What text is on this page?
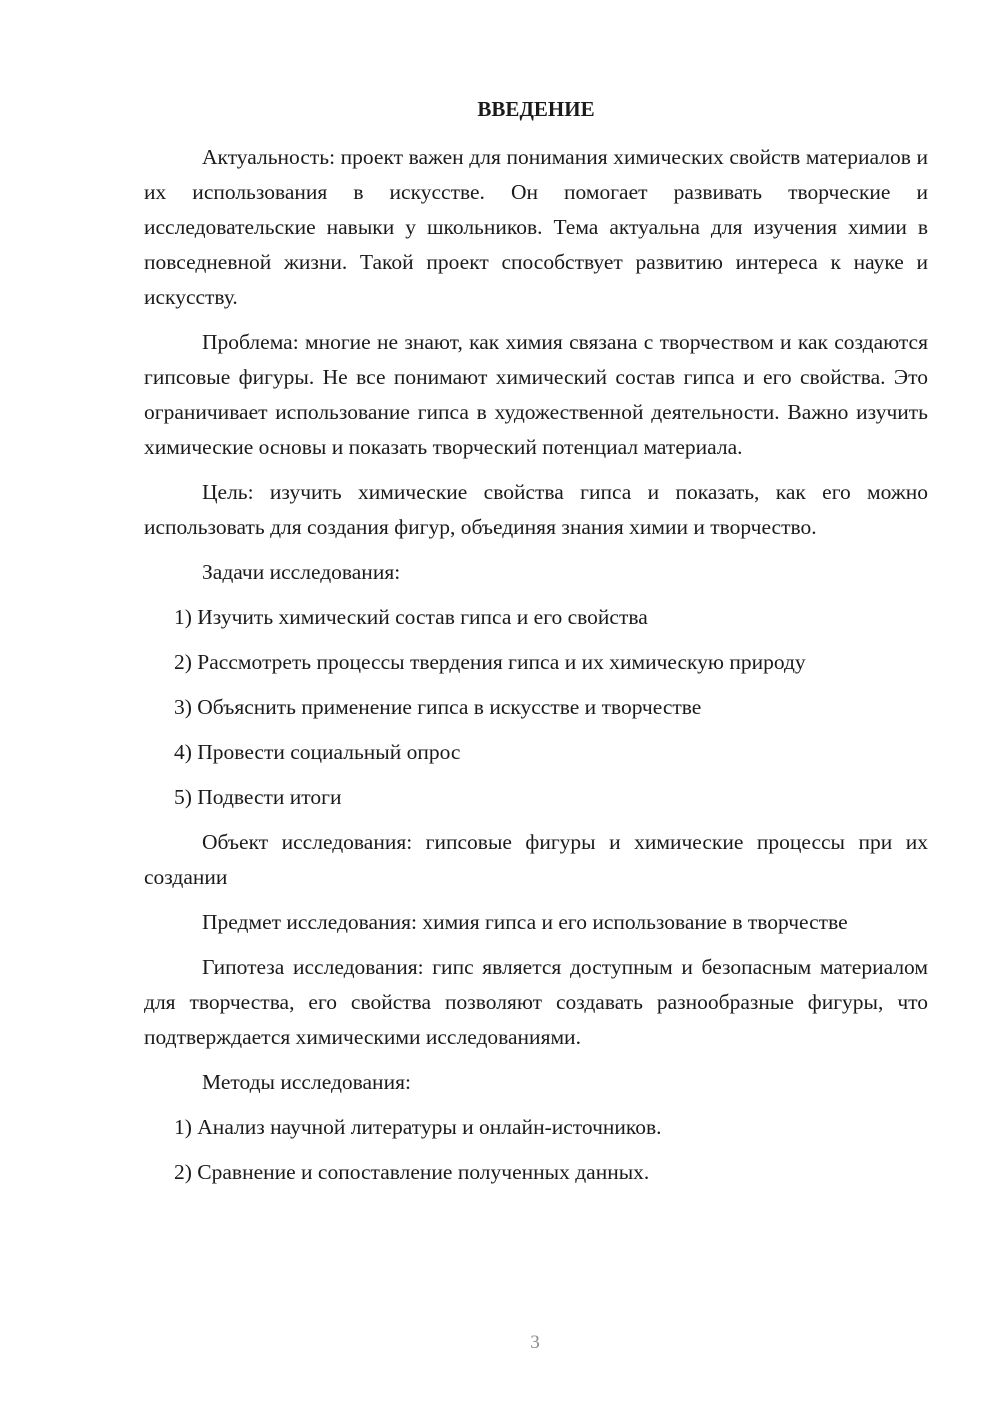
ВВЕДЕНИЕ

Актуальность: проект важен для понимания химических свойств материалов и их использования в искусстве. Он помогает развивать творческие и исследовательские навыки у школьников. Тема актуальна для изучения химии в повседневной жизни. Такой проект способствует развитию интереса к науке и искусству.

Проблема: многие не знают, как химия связана с творчеством и как создаются гипсовые фигуры. Не все понимают химический состав гипса и его свойства. Это ограничивает использование гипса в художественной деятельности. Важно изучить химические основы и показать творческий потенциал материала.

Цель: изучить химические свойства гипса и показать, как его можно использовать для создания фигур, объединяя знания химии и творчество.

Задачи исследования:

1) Изучить химический состав гипса и его свойства
2) Рассмотреть процессы твердения гипса и их химическую природу
3) Объяснить применение гипса в искусстве и творчестве
4) Провести социальный опрос
5) Подвести итоги

Объект исследования: гипсовые фигуры и химические процессы при их создании

Предмет исследования: химия гипса и его использование в творчестве

Гипотеза исследования: гипс является доступным и безопасным материалом для творчества, его свойства позволяют создавать разнообразные фигуры, что подтверждается химическими исследованиями.

Методы исследования:

1) Анализ научной литературы и онлайн-источников.
2) Сравнение и сопоставление полученных данных.
3
